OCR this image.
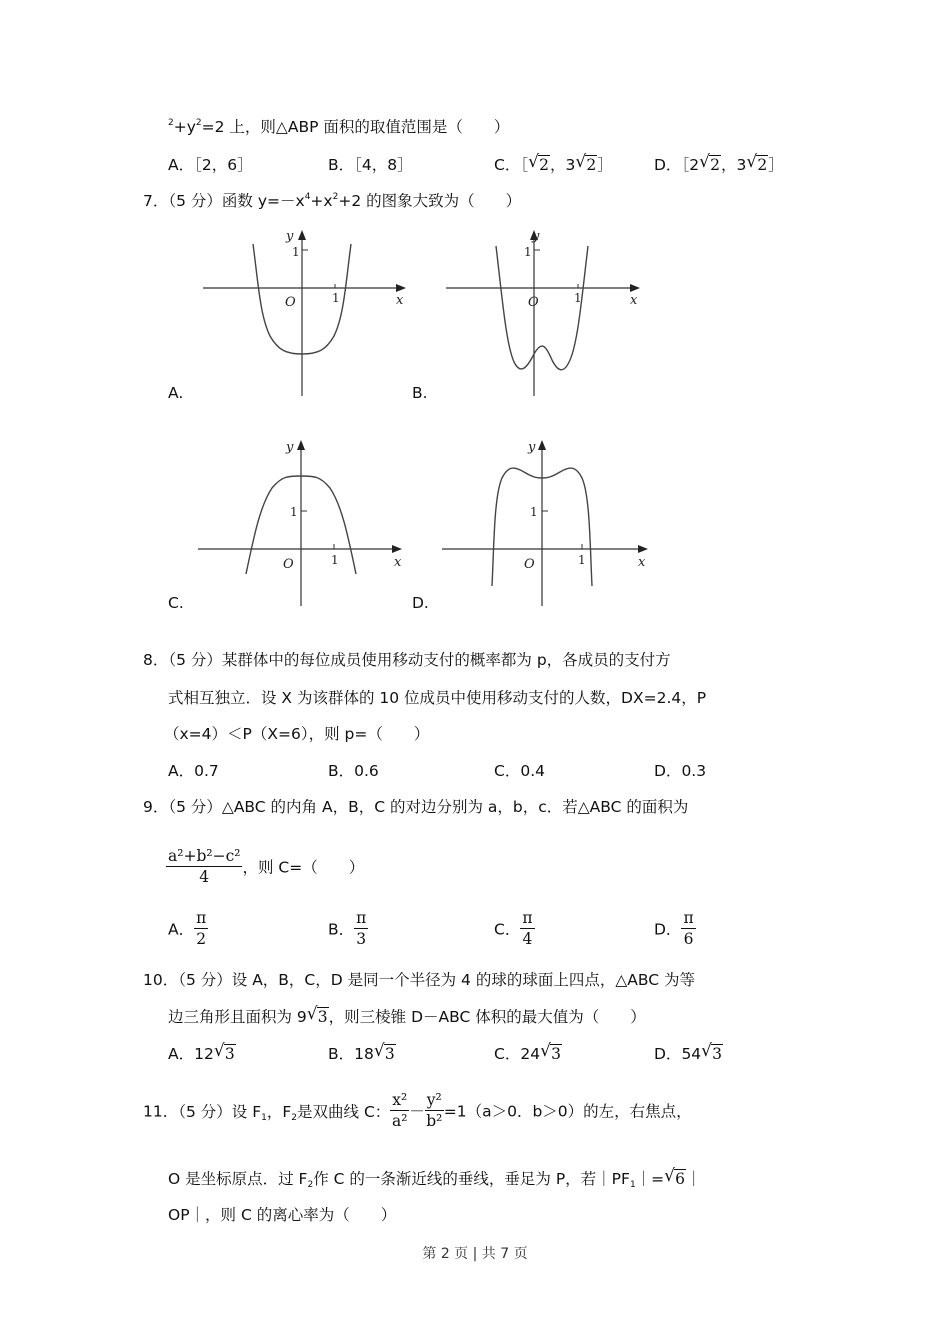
$^2+y^2=2$ 上，则△ABP 面积的取值范围是（　　）
A．［2，6］	B．［4，8］	C．［ √ 2，3 √ 2］	D．［2 √ 2，3 √ 2］
7．（5 分）函数 $y=-x^4+x^2+2$ 的图象大致为（　　）
y
1
1
O	x
A.
y
1
1
O	x
B.
y
1
1
O	x
C.
y
1
1
O	x
D.
8．（5 分）某群体中的每位成员使用移动支付的概率都为 p，各成员的支付方
式相互独立．设 X 为该群体的 10 位成员中使用移动支付的人数，DX=2.4，P
（x=4）＜P（X=6），则 p=（　　）
A．0.7	B．0.6	C．0.4	D．0.3
9．（5 分）△ABC 的内角 A，B，C 的对边分别为 a，b，c．若△ABC 的面积为
$\frac{\text{a²+b²−c²}}{4}$ ，则 C=（　　）
A． $\frac{\pi}{2}$	B． $\frac{\pi}{3}$	C． $\frac{\pi}{4}$	D． $\frac{\pi}{6}$
10．（5 分）设 A，B，C，D 是同一个半径为 4 的球的球面上四点，△ABC 为等
边三角形且面积为 9 √ 3，则三棱锥 D－ABC 体积的最大值为（　　）
A．12 √ 3	B．18 √ 3	C．24 √ 3	D．54 √ 3
11．（5 分）设 $F_1$，$F_2$是双曲线 C： $\frac{\text{x²}}{\text{a²}} - \frac{\text{y²}}{\text{b²}} =1(a>0$．b＞0）的左，右焦点，
O 是坐标原点．过 $F_2$作 C 的一条渐近线的垂线，垂足为 P，若$|PF_1|=$ √ 6｜
OP｜，则 C 的离心率为（　　）
第 2 页 | 共 7 页
